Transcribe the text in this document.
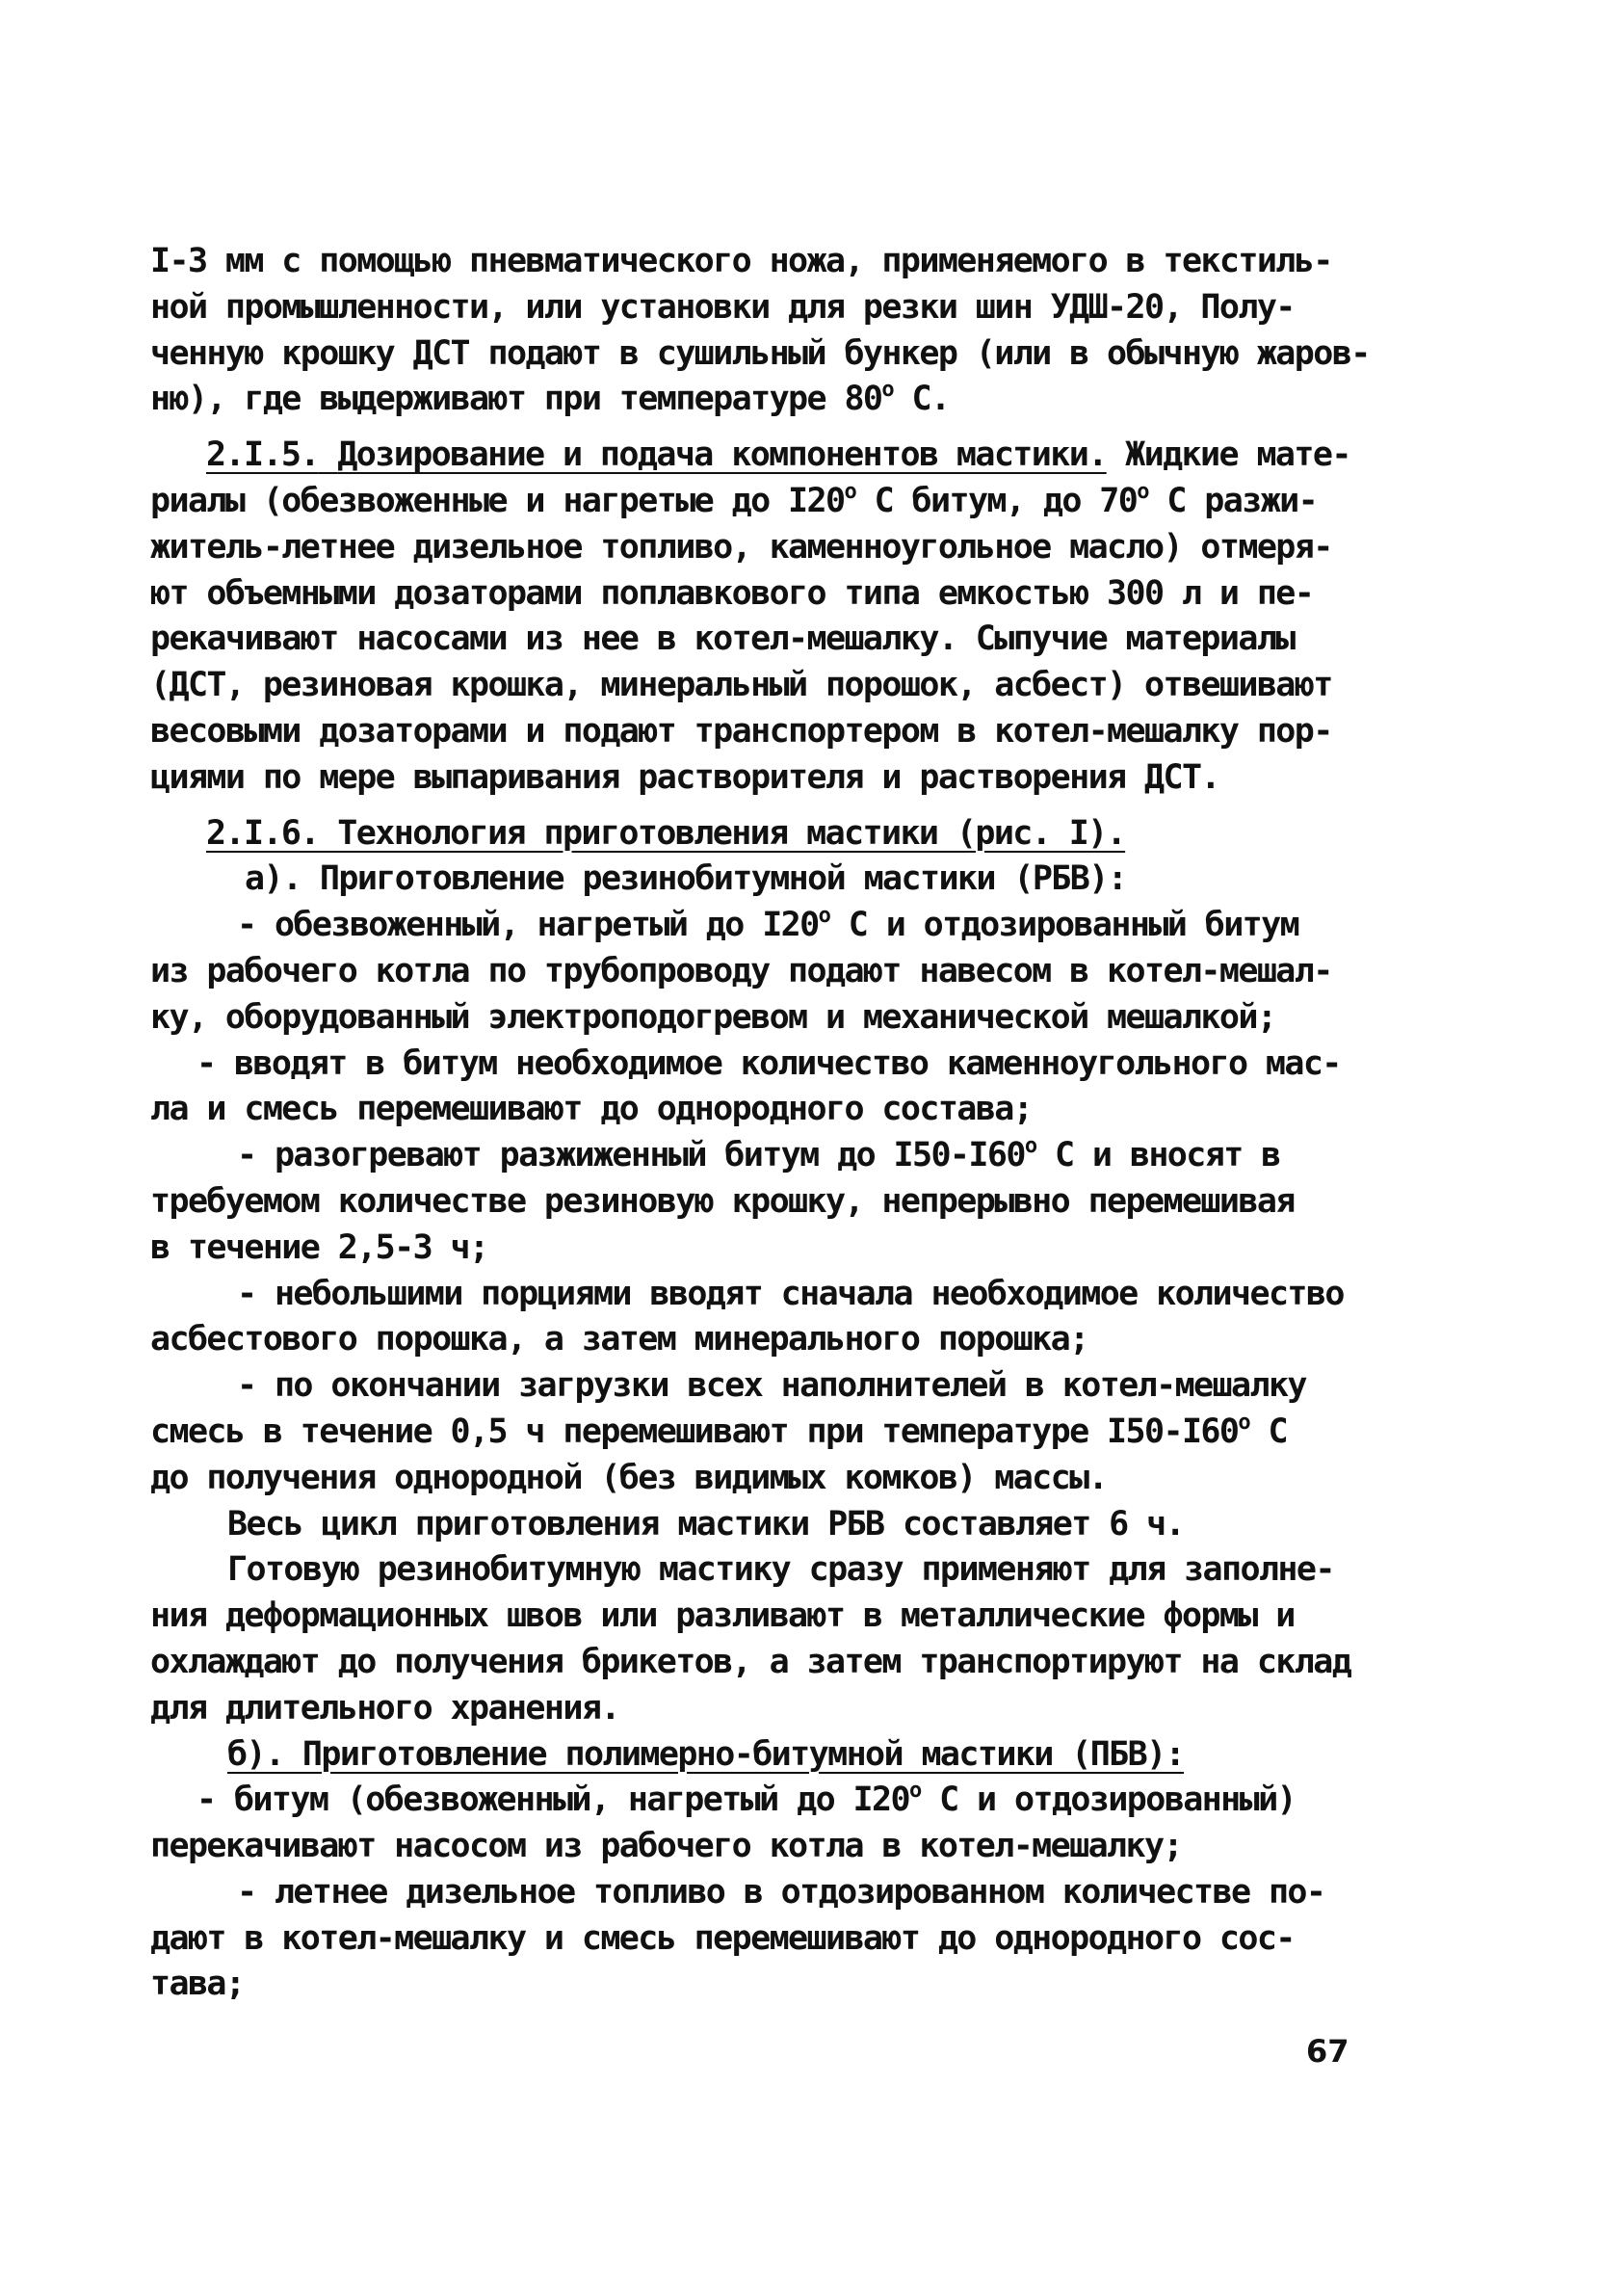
I-3 мм с помощью пневматического ножа, применяемого в текстиль-
ной промышленности, или установки для резки шин УДШ-20, Полу-
ченную крошку ДСТ подают в сушильный бункер (или в обычную жаров-
ню), где выдерживают при температуре 80$^o$ С.
2.I.5. Дозирование и подача компонентов мастики. Жидкие мате-
риалы (обезвоженные и нагретые до I20$^o$ С битум, до 70$^o$ С разжи-
житель-летнее дизельное топливо, каменноугольное масло) отмеря-
ют объемными дозаторами поплавкового типа емкостью 300 л и пе-
рекачивают насосами из нее в котел-мешалку. Сыпучие материалы
(ДСТ, резиновая крошка, минеральный порошок, асбест) отвешивают
весовыми дозаторами и подают транспортером в котел-мешалку пор-
циями по мере выпаривания растворителя и растворения ДСТ.
2.I.6. Технология приготовления мастики (рис. I).
а). Приготовление резинобитумной мастики (РБВ):
- обезвоженный, нагретый до I20$^o$ С и отдозированный битум
из рабочего котла по трубопроводу подают навесом в котел-мешал-
ку, оборудованный электроподогревом и механической мешалкой;
- вводят в битум необходимое количество каменноугольного мас-
ла и смесь перемешивают до однородного состава;
- разогревают разжиженный битум до I50-I60$^o$ С и вносят в
требуемом количестве резиновую крошку, непрерывно перемешивая
в течение 2,5-3 ч;
- небольшими порциями вводят сначала необходимое количество
асбестового порошка, а затем минерального порошка;
- по окончании загрузки всех наполнителей в котел-мешалку
смесь в течение 0,5 ч перемешивают при температуре I50-I60$^o$ С
до получения однородной (без видимых комков) массы.
Весь цикл приготовления мастики РБВ составляет 6 ч.
Готовую резинобитумную мастику сразу применяют для заполне-
ния деформационных швов или разливают в металлические формы и
охлаждают до получения брикетов, а затем транспортируют на склад
для длительного хранения.
б). Приготовление полимерно-битумной мастики (ПБВ):
- битум (обезвоженный, нагретый до I20$^o$ С и отдозированный)
перекачивают насосом из рабочего котла в котел-мешалку;
- летнее дизельное топливо в отдозированном количестве по-
дают в котел-мешалку и смесь перемешивают до однородного сос-
тава;
67
